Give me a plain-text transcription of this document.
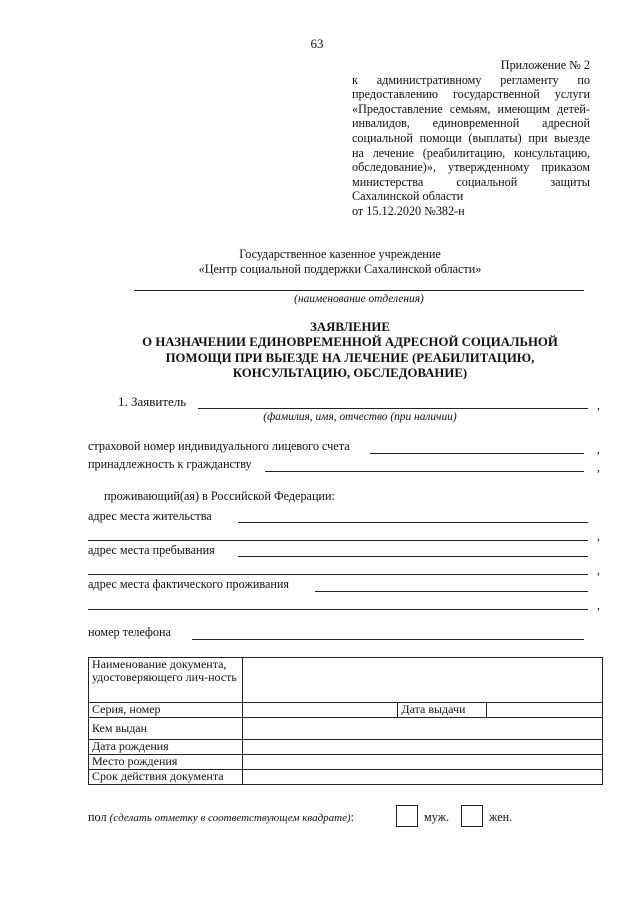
63
Приложение № 2
к административному регламенту по
предоставлению государственной услуги
«Предоставление семьям, имеющим детей-
инвалидов, единовременной адресной
социальной помощи (выплаты) при выезде
на лечение (реабилитацию, консультацию,
обследование)», утвержденному приказом
министерства социальной защиты
Сахалинской области
от 15.12.2020 №382-н
Государственное казенное учреждение
«Центр социальной поддержки Сахалинской области»
(наименование отделения)
ЗАЯВЛЕНИЕ
О НАЗНАЧЕНИИ ЕДИНОВРЕМЕННОЙ АДРЕСНОЙ СОЦИАЛЬНОЙ
ПОМОЩИ ПРИ ВЫЕЗДЕ НА ЛЕЧЕНИЕ (РЕАБИЛИТАЦИЮ,
КОНСУЛЬТАЦИЮ, ОБСЛЕДОВАНИЕ)
1. Заявитель	,
(фамилия, имя, отчество (при наличии)
страховой номер индивидуального лицевого счета	,
принадлежность к гражданству	,
проживающий(ая) в Российской Федерации:
адрес места жительства
,
адрес места пребывания
,
адрес места фактического проживания
,
номер телефона
Наименование документа, удостоверяющего лич-ность			
Серия, номер		Дата выдачи	
Кем выдан			
Дата рождения			
Место рождения			
Срок действия документа			
пол (сделать отметку в соответствующем квадрате):	муж.	жен.
